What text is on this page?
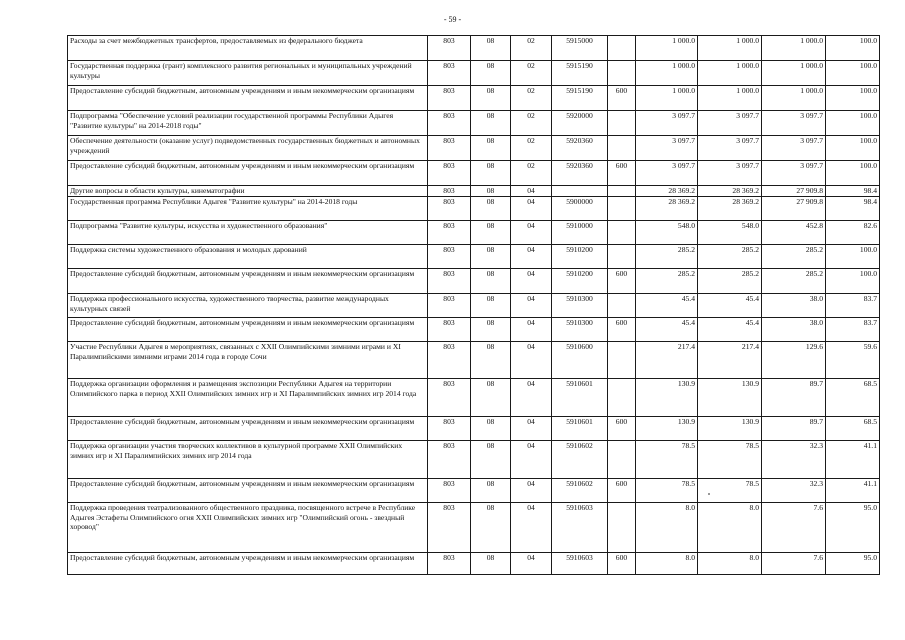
- 59 -
Расходы за счет межбюджетных трансфертов, предоставляемых из федерального бюджета	803	08	02	5915000		1 000.0	1 000.0	1 000.0	100.0
Государственная поддержка (грант) комплексного развития региональных и муниципальных учреждений культуры	803	08	02	5915190		1 000.0	1 000.0	1 000.0	100.0
Предоставление субсидий бюджетным, автономным учреждениям и иным некоммерческим организациям	803	08	02	5915190	600	1 000.0	1 000.0	1 000.0	100.0
Подпрограмма "Обеспечение условий реализации государственной программы Республики Адыгея "Развитие культуры" на 2014-2018 годы"	803	08	02	5920000		3 097.7	3 097.7	3 097.7	100.0
Обеспечение деятельности (оказание услуг) подведомственных государственных бюджетных и автономных учреждений	803	08	02	5920360		3 097.7	3 097.7	3 097.7	100.0
Предоставление субсидий бюджетным, автономным учреждениям и иным некоммерческим организациям	803	08	02	5920360	600	3 097.7	3 097.7	3 097.7	100.0
Другие вопросы в области культуры, кинематографии	803	08	04			28 369.2	28 369.2	27 909.8	98.4
Государственная программа Республики Адыгея "Развитие культуры" на 2014-2018 годы	803	08	04	5900000		28 369.2	28 369.2	27 909.8	98.4
Подпрограмма "Развитие культуры, искусства и художественного образования"	803	08	04	5910000		548.0	548.0	452.8	82.6
Поддержка системы художественного образования и молодых дарований	803	08	04	5910200		285.2	285.2	285.2	100.0
Предоставление субсидий бюджетным, автономным учреждениям и иным некоммерческим организациям	803	08	04	5910200	600	285.2	285.2	285.2	100.0
Поддержка профессионального искусства, художественного творчества, развитие международных культурных связей	803	08	04	5910300		45.4	45.4	38.0	83.7
Предоставление субсидий бюджетным, автономным учреждениям и иным некоммерческим организациям	803	08	04	5910300	600	45.4	45.4	38.0	83.7
Участие Республики Адыгея в мероприятиях, связанных с XXII Олимпийскими зимними играми и XI Паралимпийскими зимними играми 2014 года в городе Сочи	803	08	04	5910600		217.4	217.4	129.6	59.6
Поддержка организации оформления и размещения экспозиции Республики Адыгея на территории Олимпийского парка в период XXII Олимпийских зимних игр и XI Паралимпийских зимних игр 2014 года	803	08	04	5910601		130.9	130.9	89.7	68.5
Предоставление субсидий бюджетным, автономным учреждениям и иным некоммерческим организациям	803	08	04	5910601	600	130.9	130.9	89.7	68.5
Поддержка организации участия творческих коллективов в культурной программе XXII Олимпийских зимних игр и XI Паралимпийских зимних игр 2014 года	803	08	04	5910602		78.5	78.5	32.3	41.1
Предоставление субсидий бюджетным, автономным учреждениям и иным некоммерческим организациям	803	08	04	5910602	600	78.5	78.5	32.3	41.1
Поддержка проведения театрализованного общественного праздника, посвященного встрече в Республике Адыгея Эстафеты Олимпийского огня XXII Олимпийских зимних игр "Олимпийский огонь - звездный хоровод"	803	08	04	5910603		8.0	8.0	7.6	95.0
Предоставление субсидий бюджетным, автономным учреждениям и иным некоммерческим организациям	803	08	04	5910603	600	8.0	8.0	7.6	95.0
